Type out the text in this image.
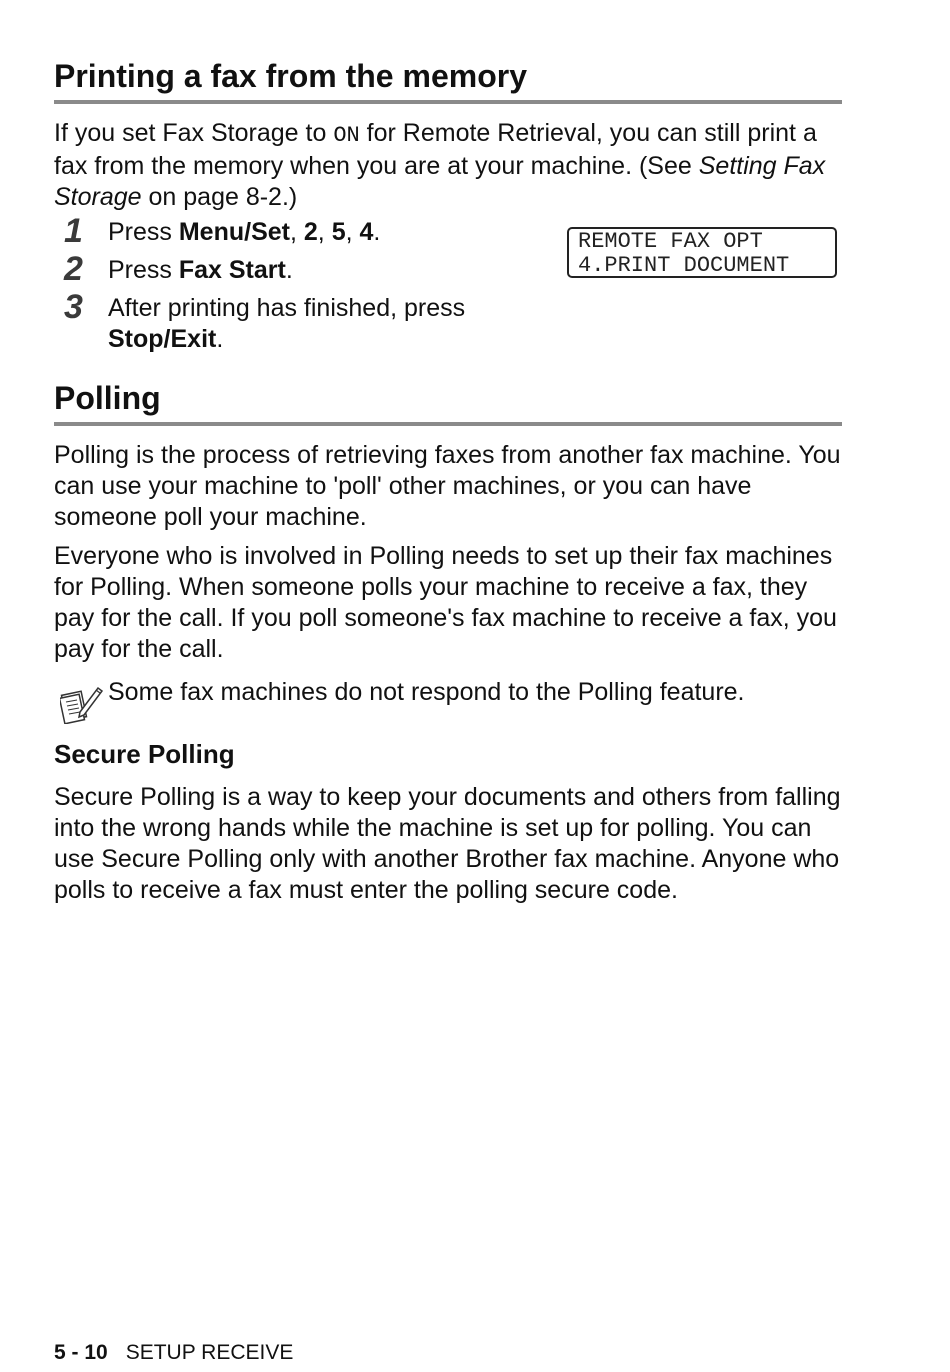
Printing a fax from the memory

If you set Fax Storage to ON for Remote Retrieval, you can still print a fax from the memory when you are at your machine. (See Setting Fax Storage on page 8-2.)

1 Press Menu/Set, 2, 5, 4.
2 Press Fax Start.
3 After printing has finished, press
Stop/Exit.
REMOTE FAX OPT
4.PRINT DOCUMENT
Polling

Polling is the process of retrieving faxes from another fax machine. You can use your machine to 'poll' other machines, or you can have someone poll your machine.

Everyone who is involved in Polling needs to set up their fax machines for Polling. When someone polls your machine to receive a fax, they pay for the call. If you poll someone's fax machine to receive a fax, you pay for the call.

Some fax machines do not respond to the Polling feature.
Secure Polling

Secure Polling is a way to keep your documents and others from falling into the wrong hands while the machine is set up for polling. You can use Secure Polling only with another Brother fax machine. Anyone who polls to receive a fax must enter the polling secure code.

5 - 10 SETUP RECEIVE
